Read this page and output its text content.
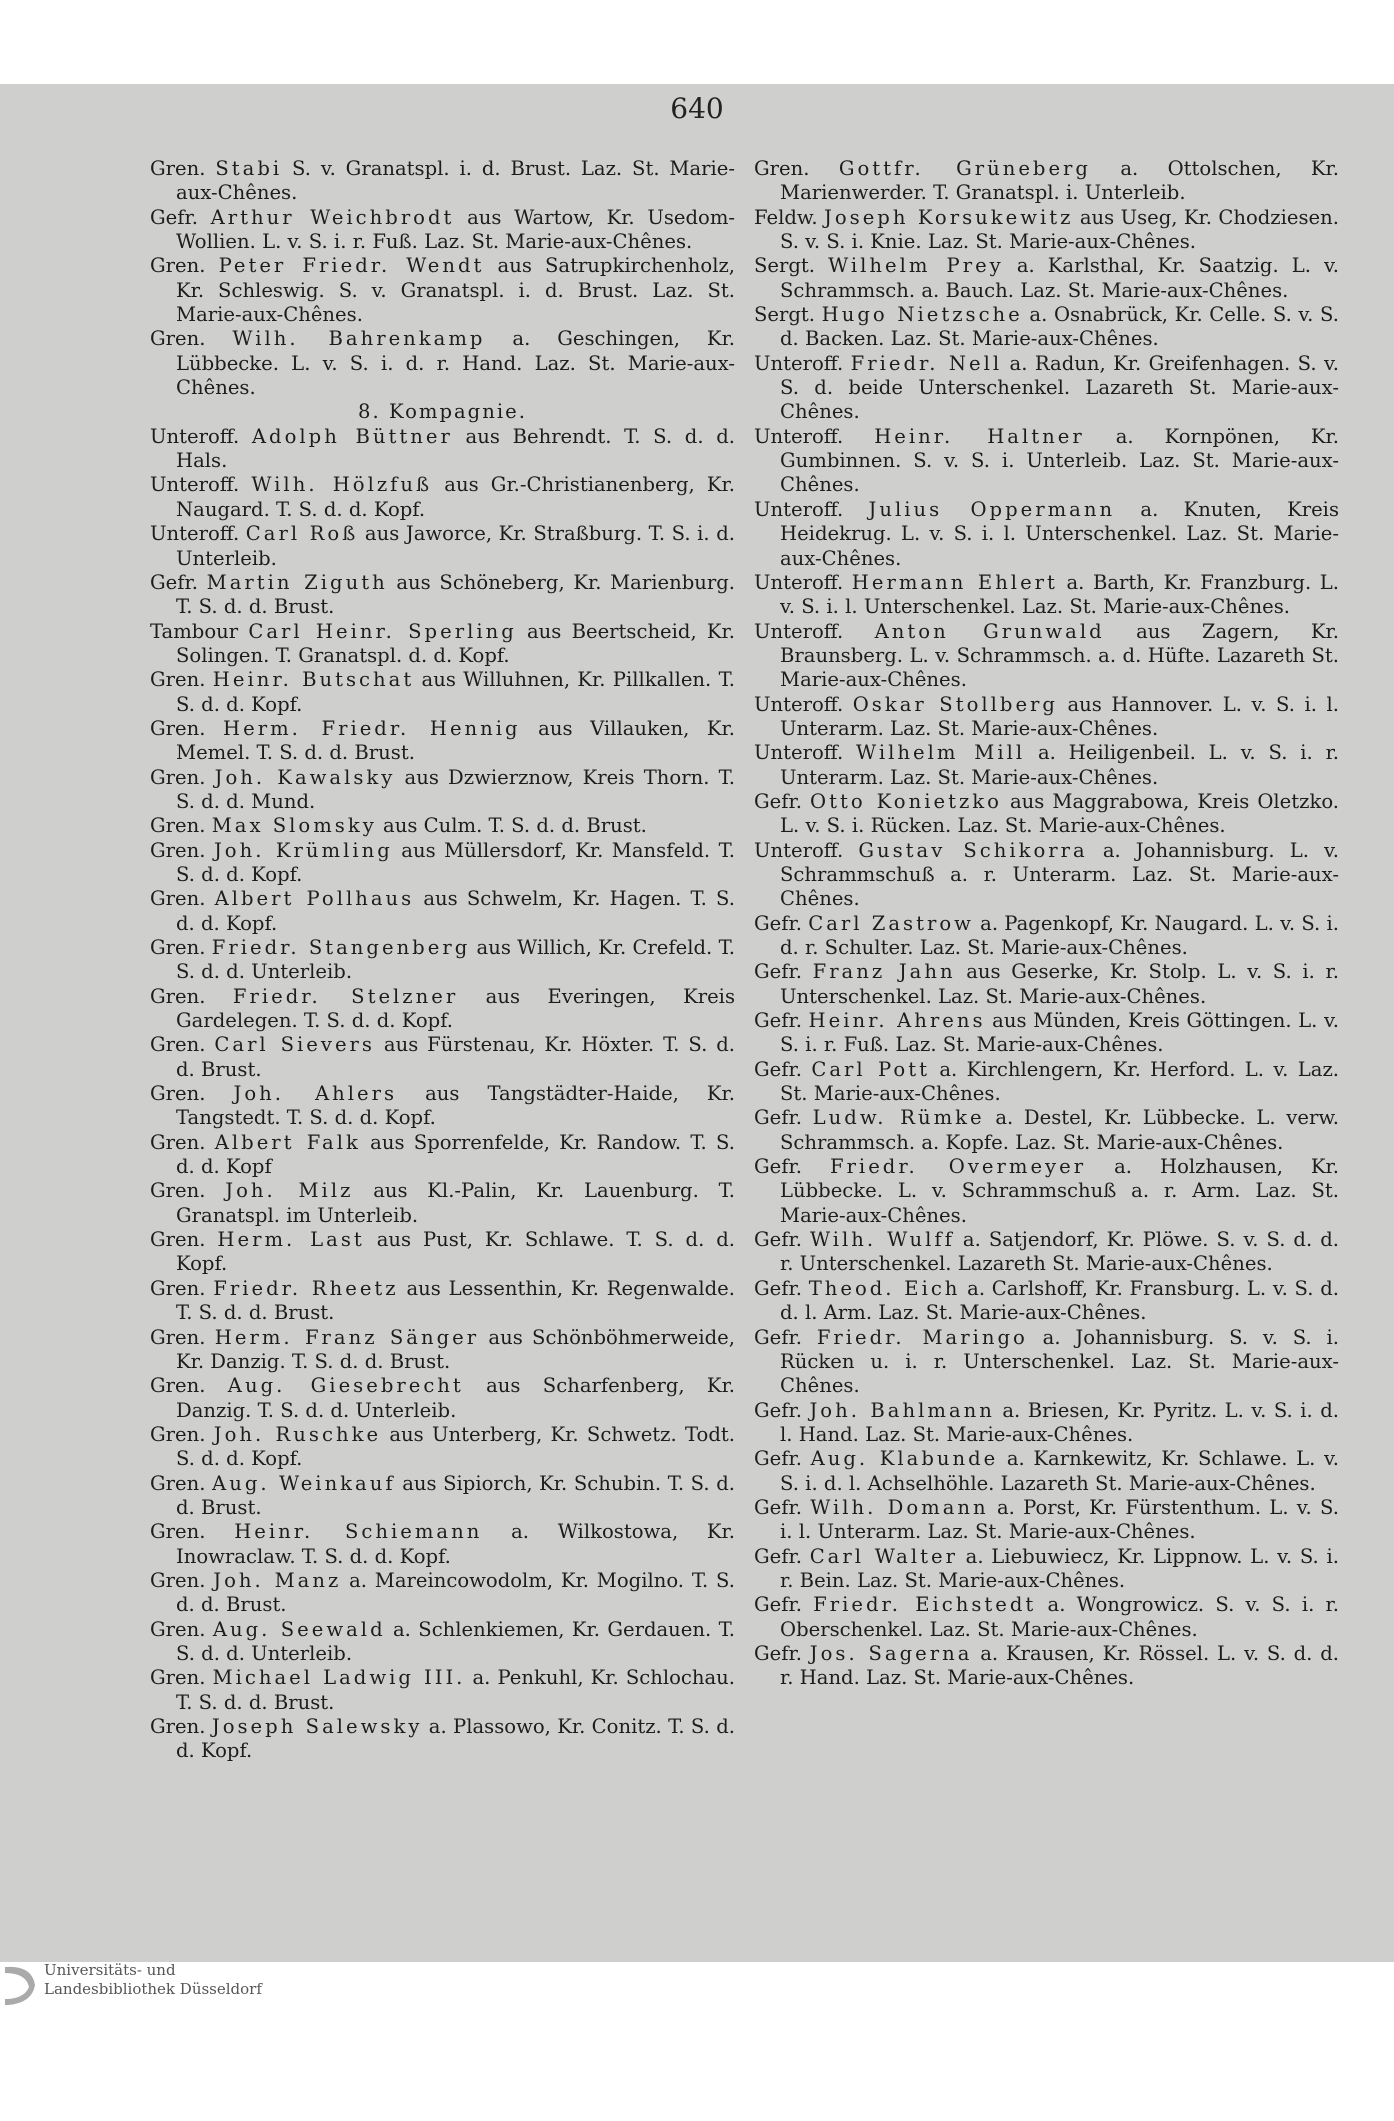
640

Gren. Stabi S. v. Granatspl. i. d. Brust. Laz. St. Marie-aux-Chênes.

Gefr. Arthur Weichbrodt aus Wartow, Kr. Usedom-Wollien. L. v. S. i. r. Fuß. Laz. St. Marie-aux-Chênes.

Gren. Peter Friedr. Wendt aus Satrupkirchenholz, Kr. Schleswig. S. v. Granatspl. i. d. Brust. Laz. St. Marie-aux-Chênes.

Gren. Wilh. Bahrenkamp a. Geschingen, Kr. Lübbecke. L. v. S. i. d. r. Hand. Laz. St. Marie-aux-Chênes.

8. Kompagnie.

Unteroff. Adolph Büttner aus Behrendt. T. S. d. d. Hals.

Unteroff. Wilh. Hölzfuß aus Gr.-Christianenberg, Kr. Naugard. T. S. d. d. Kopf.

Unteroff. Carl Roß aus Jaworce, Kr. Straßburg. T. S. i. d. Unterleib.

Gefr. Martin Ziguth aus Schöneberg, Kr. Marienburg. T. S. d. d. Brust.

Tambour Carl Heinr. Sperling aus Beertscheid, Kr. Solingen. T. Granatspl. d. d. Kopf.

Gren. Heinr. Butschat aus Willuhnen, Kr. Pillkallen. T. S. d. d. Kopf.

Gren. Herm. Friedr. Hennig aus Villauken, Kr. Memel. T. S. d. d. Brust.

Gren. Joh. Kawalsky aus Dzwierznow, Kreis Thorn. T. S. d. d. Mund.

Gren. Max Slomsky aus Culm. T. S. d. d. Brust.

Gren. Joh. Krümling aus Müllersdorf, Kr. Mansfeld. T. S. d. d. Kopf.

Gren. Albert Pollhaus aus Schwelm, Kr. Hagen. T. S. d. d. Kopf.

Gren. Friedr. Stangenberg aus Willich, Kr. Crefeld. T. S. d. d. Unterleib.

Gren. Friedr. Stelzner aus Everingen, Kreis Gardelegen. T. S. d. d. Kopf.

Gren. Carl Sievers aus Fürstenau, Kr. Höxter. T. S. d. d. Brust.

Gren. Joh. Ahlers aus Tangstädter-Haide, Kr. Tangstedt. T. S. d. d. Kopf.

Gren. Albert Falk aus Sporrenfelde, Kr. Randow. T. S. d. d. Kopf

Gren. Joh. Milz aus Kl.-Palin, Kr. Lauenburg. T. Granatspl. im Unterleib.

Gren. Herm. Last aus Pust, Kr. Schlawe. T. S. d. d. Kopf.

Gren. Friedr. Rheetz aus Lessenthin, Kr. Regenwalde. T. S. d. d. Brust.

Gren. Herm. Franz Sänger aus Schönböhmerweide, Kr. Danzig. T. S. d. d. Brust.

Gren. Aug. Giesebrecht aus Scharfenberg, Kr. Danzig. T. S. d. d. Unterleib.

Gren. Joh. Ruschke aus Unterberg, Kr. Schwetz. Todt. S. d. d. Kopf.

Gren. Aug. Weinkauf aus Sipiorch, Kr. Schubin. T. S. d. d. Brust.

Gren. Heinr. Schiemann a. Wilkostowa, Kr. Inowraclaw. T. S. d. d. Kopf.

Gren. Joh. Manz a. Mareincowodolm, Kr. Mogilno. T. S. d. d. Brust.

Gren. Aug. Seewald a. Schlenkiemen, Kr. Gerdauen. T. S. d. d. Unterleib.

Gren. Michael Ladwig III. a. Penkuhl, Kr. Schlochau. T. S. d. d. Brust.

Gren. Joseph Salewsky a. Plassowo, Kr. Conitz. T. S. d. d. Kopf.

Gren. Gottfr. Grüneberg a. Ottolschen, Kr. Marienwerder. T. Granatspl. i. Unterleib.

Feldw. Joseph Korsukewitz aus Useg, Kr. Chodziesen. S. v. S. i. Knie. Laz. St. Marie-aux-Chênes.

Sergt. Wilhelm Prey a. Karlsthal, Kr. Saatzig. L. v. Schrammsch. a. Bauch. Laz. St. Marie-aux-Chênes.

Sergt. Hugo Nietzsche a. Osnabrück, Kr. Celle. S. v. S. d. Backen. Laz. St. Marie-aux-Chênes.

Unteroff. Friedr. Nell a. Radun, Kr. Greifenhagen. S. v. S. d. beide Unterschenkel. Lazareth St. Marie-aux-Chênes.

Unteroff. Heinr. Haltner a. Kornpönen, Kr. Gumbinnen. S. v. S. i. Unterleib. Laz. St. Marie-aux-Chênes.

Unteroff. Julius Oppermann a. Knuten, Kreis Heidekrug. L. v. S. i. l. Unterschenkel. Laz. St. Marie-aux-Chênes.

Unteroff. Hermann Ehlert a. Barth, Kr. Franzburg. L. v. S. i. l. Unterschenkel. Laz. St. Marie-aux-Chênes.

Unteroff. Anton Grunwald aus Zagern, Kr. Braunsberg. L. v. Schrammsch. a. d. Hüfte. Lazareth St. Marie-aux-Chênes.

Unteroff. Oskar Stollberg aus Hannover. L. v. S. i. l. Unterarm. Laz. St. Marie-aux-Chênes.

Unteroff. Wilhelm Mill a. Heiligenbeil. L. v. S. i. r. Unterarm. Laz. St. Marie-aux-Chênes.

Gefr. Otto Konietzko aus Maggrabowa, Kreis Oletzko. L. v. S. i. Rücken. Laz. St. Marie-aux-Chênes.

Unteroff. Gustav Schikorra a. Johannisburg. L. v. Schrammschuß a. r. Unterarm. Laz. St. Marie-aux-Chênes.

Gefr. Carl Zastrow a. Pagenkopf, Kr. Naugard. L. v. S. i. d. r. Schulter. Laz. St. Marie-aux-Chênes.

Gefr. Franz Jahn aus Geserke, Kr. Stolp. L. v. S. i. r. Unterschenkel. Laz. St. Marie-aux-Chênes.

Gefr. Heinr. Ahrens aus Münden, Kreis Göttingen. L. v. S. i. r. Fuß. Laz. St. Marie-aux-Chênes.

Gefr. Carl Pott a. Kirchlengern, Kr. Herford. L. v. Laz. St. Marie-aux-Chênes.

Gefr. Ludw. Rümke a. Destel, Kr. Lübbecke. L. verw. Schrammsch. a. Kopfe. Laz. St. Marie-aux-Chênes.

Gefr. Friedr. Overmeyer a. Holzhausen, Kr. Lübbecke. L. v. Schrammschuß a. r. Arm. Laz. St. Marie-aux-Chênes.

Gefr. Wilh. Wulff a. Satjendorf, Kr. Plöwe. S. v. S. d. d. r. Unterschenkel. Lazareth St. Marie-aux-Chênes.

Gefr. Theod. Eich a. Carlshoff, Kr. Fransburg. L. v. S. d. d. l. Arm. Laz. St. Marie-aux-Chênes.

Gefr. Friedr. Maringo a. Johannisburg. S. v. S. i. Rücken u. i. r. Unterschenkel. Laz. St. Marie-aux-Chênes.

Gefr. Joh. Bahlmann a. Briesen, Kr. Pyritz. L. v. S. i. d. l. Hand. Laz. St. Marie-aux-Chênes.

Gefr. Aug. Klabunde a. Karnkewitz, Kr. Schlawe. L. v. S. i. d. l. Achselhöhle. Lazareth St. Marie-aux-Chênes.

Gefr. Wilh. Domann a. Porst, Kr. Fürstenthum. L. v. S. i. l. Unterarm. Laz. St. Marie-aux-Chênes.

Gefr. Carl Walter a. Liebuwiecz, Kr. Lippnow. L. v. S. i. r. Bein. Laz. St. Marie-aux-Chênes.

Gefr. Friedr. Eichstedt a. Wongrowicz. S. v. S. i. r. Oberschenkel. Laz. St. Marie-aux-Chênes.

Gefr. Jos. Sagerna a. Krausen, Kr. Rössel. L. v. S. d. d. r. Hand. Laz. St. Marie-aux-Chênes.

Universitäts- und
Landesbibliothek Düsseldorf
